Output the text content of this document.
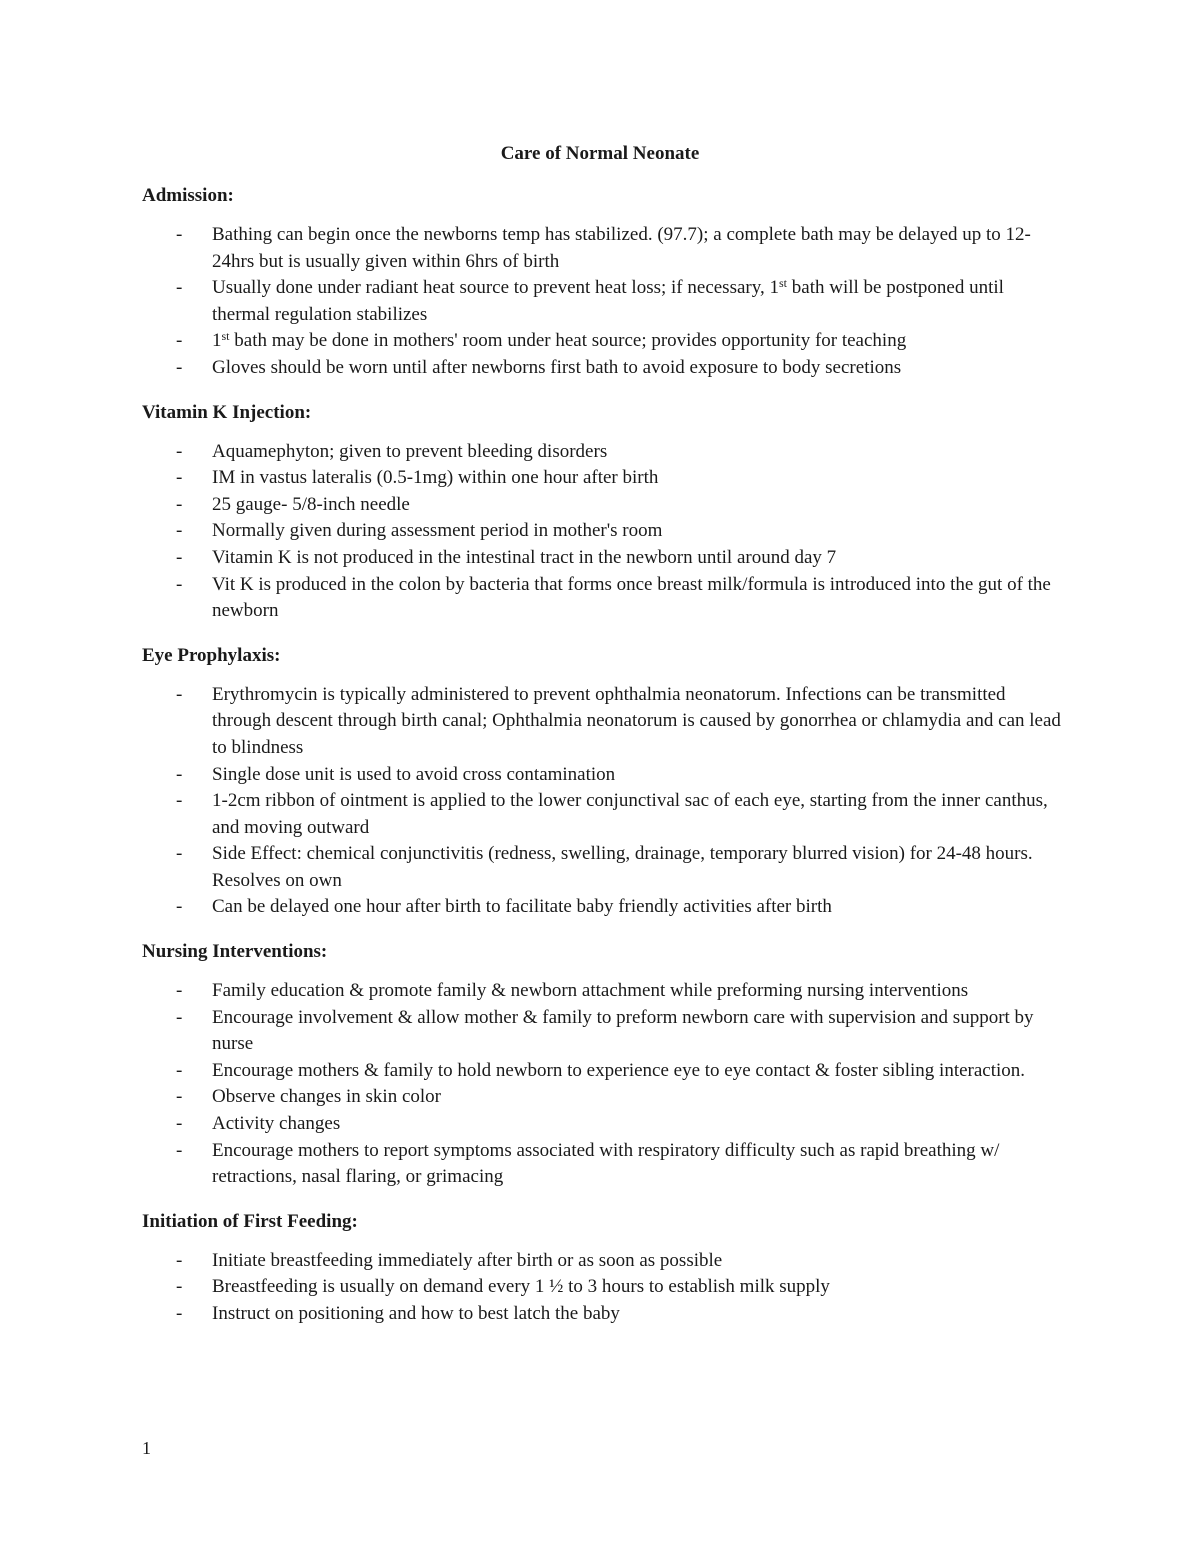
Care of Normal Neonate
Admission:
- Bathing can begin once the newborns temp has stabilized. (97.7); a complete bath may be delayed up to 12-24hrs but is usually given within 6hrs of birth
- Usually done under radiant heat source to prevent heat loss; if necessary, 1st bath will be postponed until thermal regulation stabilizes
- 1st bath may be done in mothers' room under heat source; provides opportunity for teaching
- Gloves should be worn until after newborns first bath to avoid exposure to body secretions
Vitamin K Injection:
- Aquamephyton; given to prevent bleeding disorders
- IM in vastus lateralis (0.5-1mg) within one hour after birth
- 25 gauge- 5/8-inch needle
- Normally given during assessment period in mother's room
- Vitamin K is not produced in the intestinal tract in the newborn until around day 7
- Vit K is produced in the colon by bacteria that forms once breast milk/formula is introduced into the gut of the newborn
Eye Prophylaxis:
- Erythromycin is typically administered to prevent ophthalmia neonatorum. Infections can be transmitted through descent through birth canal; Ophthalmia neonatorum is caused by gonorrhea or chlamydia and can lead to blindness
- Single dose unit is used to avoid cross contamination
- 1-2cm ribbon of ointment is applied to the lower conjunctival sac of each eye, starting from the inner canthus, and moving outward
- Side Effect: chemical conjunctivitis (redness, swelling, drainage, temporary blurred vision) for 24-48 hours. Resolves on own
- Can be delayed one hour after birth to facilitate baby friendly activities after birth
Nursing Interventions:
- Family education & promote family & newborn attachment while preforming nursing interventions
- Encourage involvement & allow mother & family to preform newborn care with supervision and support by nurse
- Encourage mothers & family to hold newborn to experience eye to eye contact & foster sibling interaction.
- Observe changes in skin color
- Activity changes
- Encourage mothers to report symptoms associated with respiratory difficulty such as rapid breathing w/ retractions, nasal flaring, or grimacing
Initiation of First Feeding:
- Initiate breastfeeding immediately after birth or as soon as possible
- Breastfeeding is usually on demand every 1 ½ to 3 hours to establish milk supply
- Instruct on positioning and how to best latch the baby
1
